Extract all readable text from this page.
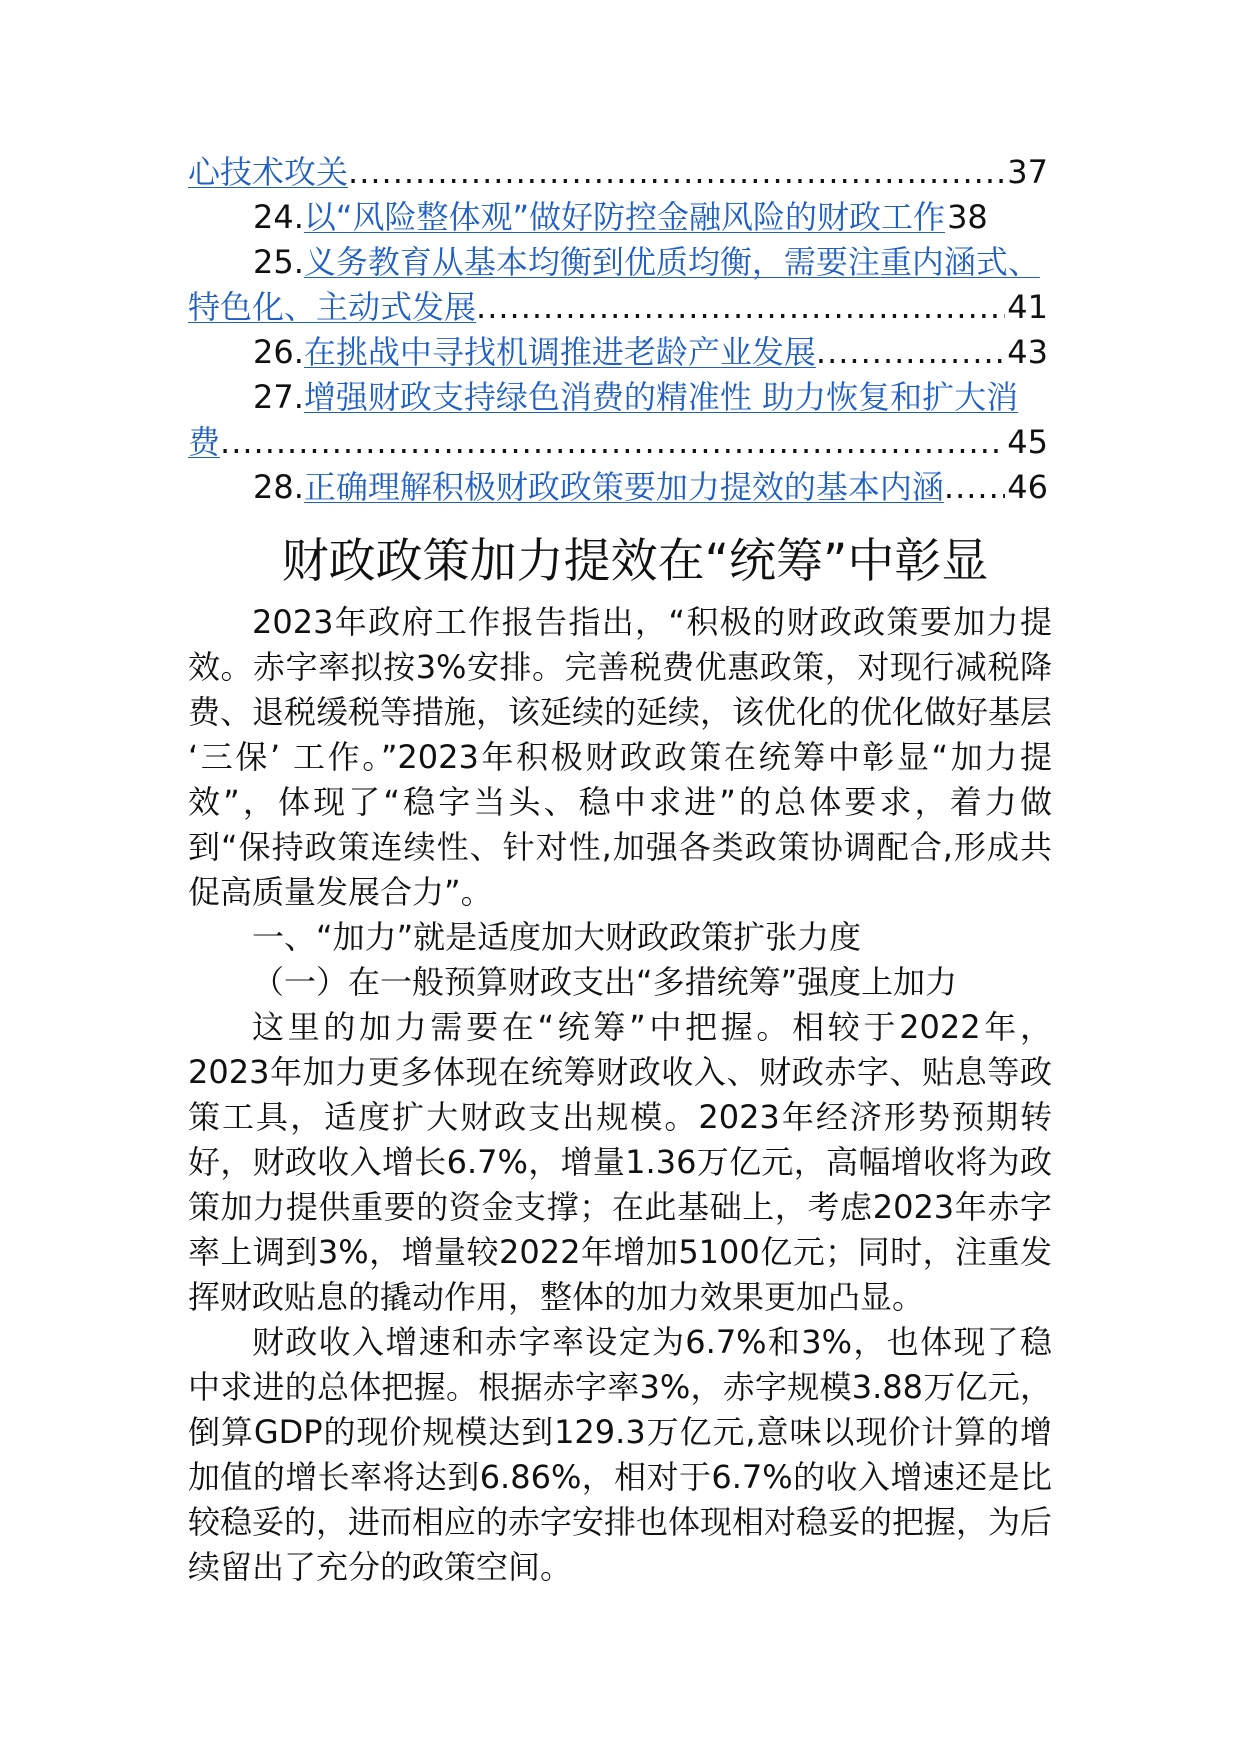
心技术攻关 .....	37
24. 以“风险整体观”做好防控金融风险的财政工作 38
25. 义务教育从基本均衡到优质均衡，需要注重内涵式、
特色化、主动式发展 .....	41
26. 在挑战中寻找机调推进老龄产业发展 .....	43
27. 增强财政支持绿色消费的精准性 助力恢复和扩大消
费 .....	45
28. 正确理解积极财政政策要加力提效的基本内涵 ..... 46
财政政策加力提效在“统筹”中彰显

2023年政府工作报告指出，“积极的财政政策要加力提效。赤字率拟按3%安排。完善税费优惠政策，对现行减税降费、退税缓税等措施，该延续的延续，该优化的优化做好基层 ‘三保’ 工作。”2023年积极财政政策在统筹中彰显“加力提效”，体现了“稳字当头、稳中求进”的总体要求，着力做到“保持政策连续性、针对性,加强各类政策协调配合,形成共促高质量发展合力”。

一、“加力”就是适度加大财政政策扩张力度

（一）在一般预算财政支出“多措统筹”强度上加力

这里的加力需要在“统筹”中把握。相较于2022年，2023年加力更多体现在统筹财政收入、财政赤字、贴息等政策工具，适度扩大财政支出规模。2023年经济形势预期转好，财政收入增长6.7%，增量1.36万亿元，高幅增收将为政策加力提供重要的资金支撑；在此基础上，考虑2023年赤字率上调到3%，增量较2022年增加5100亿元；同时，注重发挥财政贴息的撬动作用，整体的加力效果更加凸显。

财政收入增速和赤字率设定为6.7%和3%，也体现了稳中求进的总体把握。根据赤字率3%，赤字规模3.88万亿元，倒算GDP的现价规模达到129.3万亿元,意味以现价计算的增加值的增长率将达到6.86%，相对于6.7%的收入增速还是比较稳妥的，进而相应的赤字安排也体现相对稳妥的把握，为后续留出了充分的政策空间。
